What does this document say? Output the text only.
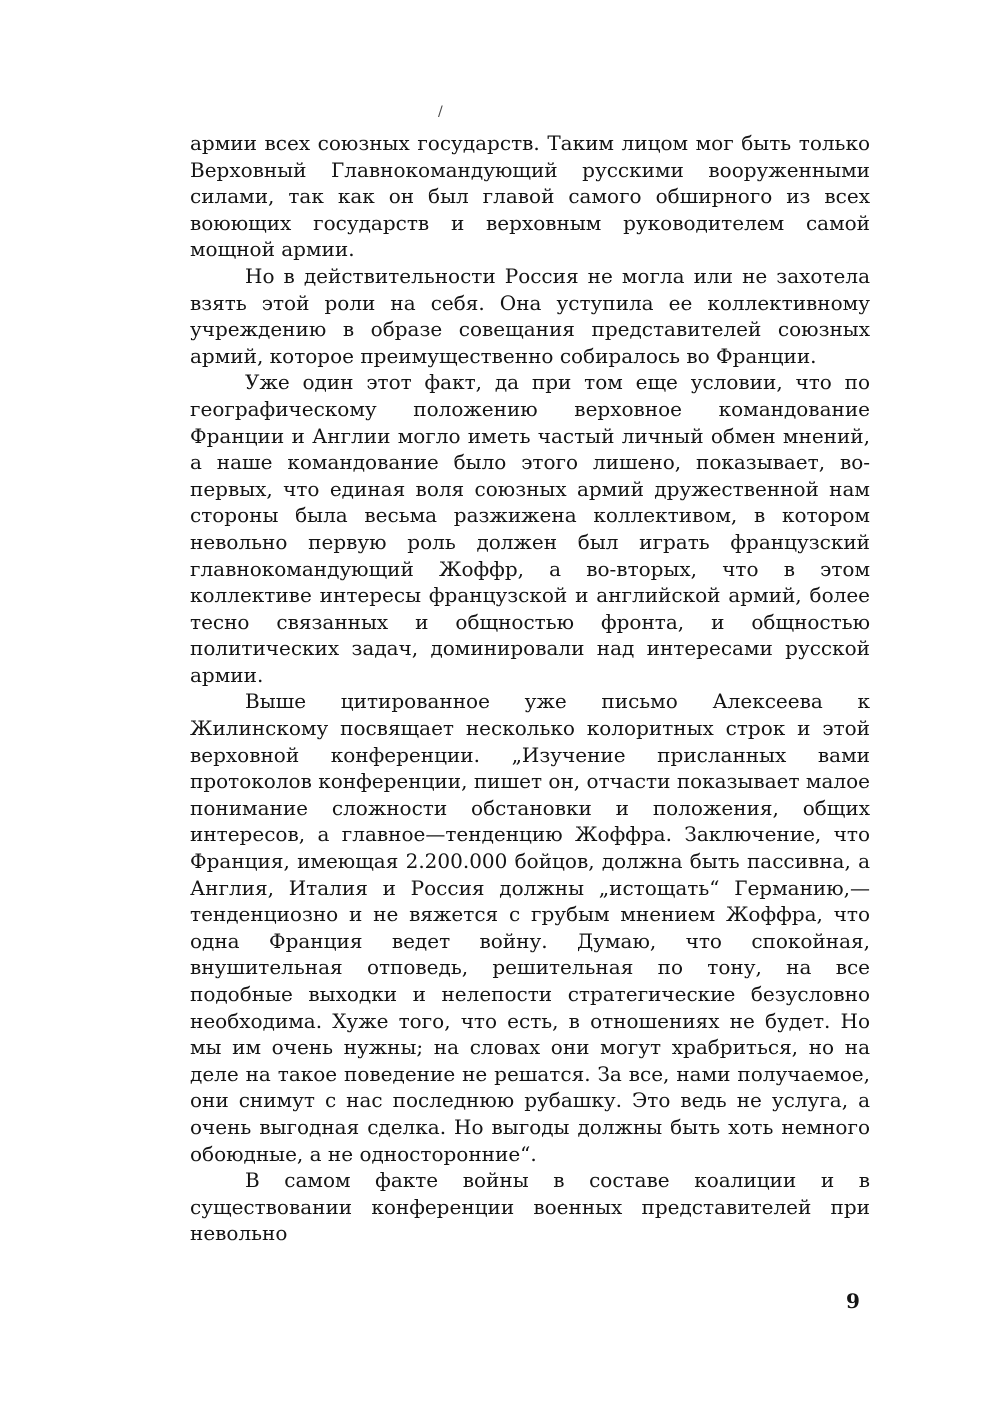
/

армии всех союзных государств. Таким лицом мог быть только Верховный Главнокомандующий русскими вооруженными силами, так как он был главой самого обширного из всех воюющих государств и верховным руководителем самой мощной армии.

Но в действительности Россия не могла или не захотела взять этой роли на себя. Она уступила ее коллективному учреждению в образе совещания представителей союзных армий, которое преимущественно собиралось во Франции.

Уже один этот факт, да при том еще условии, что по географическому положению верховное командование Франции и Англии могло иметь частый личный обмен мнений, а наше командование было этого лишено, показывает, во-первых, что единая воля союзных армий дружественной нам стороны была весьма разжижена коллективом, в котором невольно первую роль должен был играть французский главнокомандующий Жоффр, а во-вторых, что в этом коллективе интересы французской и английской армий, более тесно связанных и общностью фронта, и общностью политических задач, доминировали над интересами русской армии.

Выше цитированное уже письмо Алексеева к Жилинскому посвящает несколько колоритных строк и этой верховной конференции. „Изучение присланных вами протоколов конференции, пишет он, отчасти показывает малое понимание сложности обстановки и положения, общих интересов, а главное—тенденцию Жоффра. Заключение, что Франция, имеющая 2.200.000 бойцов, должна быть пассивна, а Англия, Италия и Россия должны „истощать“ Германию,—тенденциозно и не вяжется с грубым мнением Жоффра, что одна Франция ведет войну. Думаю, что спокойная, внушительная отповедь, решительная по тону, на все подобные выходки и нелепости стратегические безусловно необходима. Хуже того, что есть, в отношениях не будет. Но мы им очень нужны; на словах они могут храбриться, но на деле на такое поведение не решатся. За все, нами получаемое, они снимут с нас последнюю рубашку. Это ведь не услуга, а очень выгодная сделка. Но выгоды должны быть хоть немного обоюдные, а не односторонние“.

В самом факте войны в составе коалиции и в существовании конференции военных представителей при невольно

9
